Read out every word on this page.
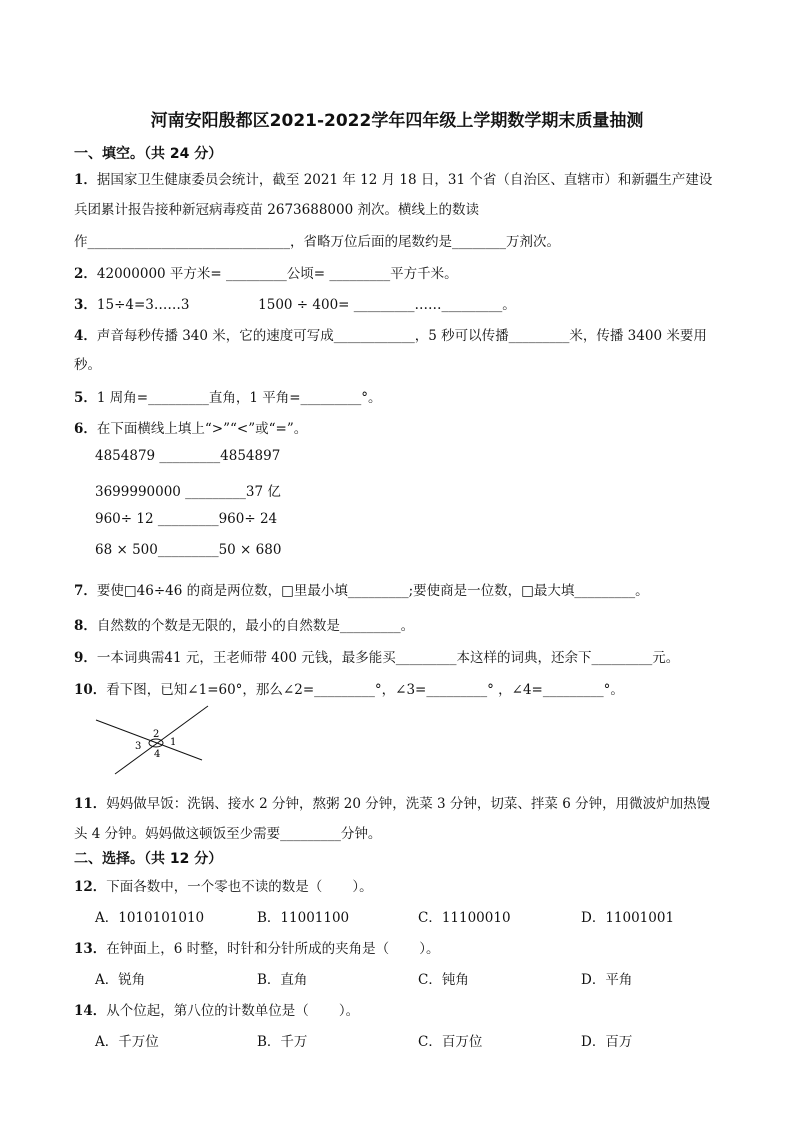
河南安阳殷都区2021-2022学年四年级上学期数学期末质量抽测
一、填空。（共 24 分）
1．据国家卫生健康委员会统计，截至 2021 年 12 月 18 日，31 个省（自治区、直辖市）和新疆生产建设
兵团累计报告接种新冠病毒疫苗 2673688000 剂次。横线上的数读
作______________________________，省略万位后面的尾数约是________万剂次。
2．42000000 平方米= _________公顷= _________平方千米。
3．15÷4=3……3                1500 ÷ 400= _________……_________。
4．声音每秒传播 340 米，它的速度可写成____________，5 秒可以传播_________米，传播 3400 米要用
秒。
5．1 周角=_________直角，1 平角=_________°。
6．在下面横线上填上“>”“<”或“=”。
4854879 _________4854897
3699990000 _________37 亿
960÷ 12 _________960÷ 24
68 × 500_________50 × 680
7．要使□46÷46 的商是两位数，□里最小填_________;要使商是一位数，□最大填_________。
8．自然数的个数是无限的，最小的自然数是_________。
9．一本词典需41 元，王老师带 400 元钱，最多能买_________本这样的词典，还余下_________元。
10．看下图，已知∠1=60°，那么∠2=_________°，∠3=_________° ，∠4=_________°。
2
3	1
4
11．妈妈做早饭：洗锅、接水 2 分钟，熬粥 20 分钟，洗菜 3 分钟，切菜、拌菜 6 分钟，用微波炉加热馒
头 4 分钟。妈妈做这顿饭至少需要_________分钟。
二、选择。（共 12 分）
12．下面各数中，一个零也不读的数是（       ）。
A．1010101010	B．11001100	C．11100010	D．11001001
13．在钟面上，6 时整，时针和分针所成的夹角是（       ）。
A．锐角	B．直角	C．钝角	D．平角
14．从个位起，第八位的计数单位是（       ）。
A．千万位	B．千万	C．百万位	D．百万
